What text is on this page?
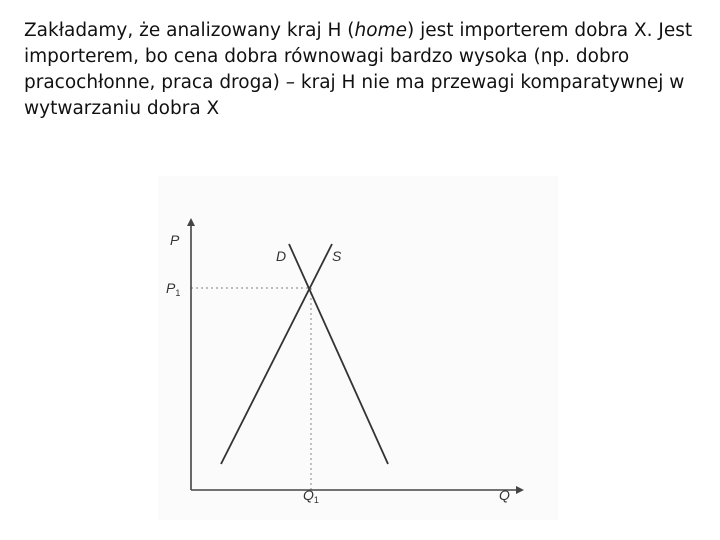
Zakładamy, że analizowany kraj H (home) jest importerem dobra X. Jest importerem, bo cena dobra równowagi bardzo wysoka (np. dobro pracochłonne, praca droga) – kraj H nie ma przewagi komparatywnej w wytwarzaniu dobra X

P
Q
$P_1$
$Q_1$
D	S
